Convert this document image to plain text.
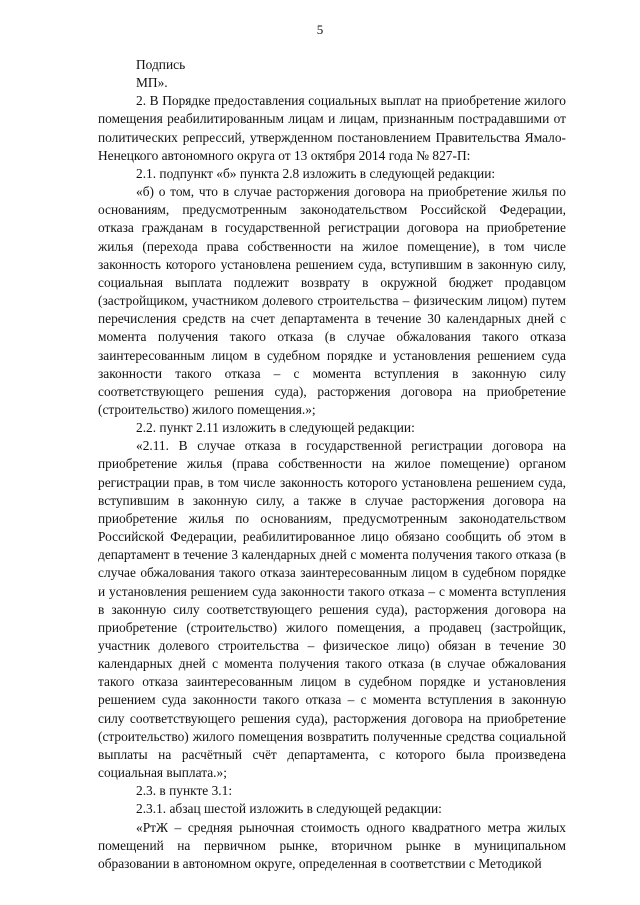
5

Подпись

МП».

2. В Порядке предоставления социальных выплат на приобретение жилого помещения реабилитированным лицам и лицам, признанным пострадавшими от политических репрессий, утвержденном постановлением Правительства Ямало-Ненецкого автономного округа от 13 октября 2014 года № 827-П:

2.1. подпункт «б» пункта 2.8 изложить в следующей редакции:

«б) о том, что в случае расторжения договора на приобретение жилья по основаниям, предусмотренным законодательством Российской Федерации, отказа гражданам в государственной регистрации договора на приобретение жилья (перехода права собственности на жилое помещение), в том числе законность которого установлена решением суда, вступившим в законную силу, социальная выплата подлежит возврату в окружной бюджет продавцом (застройщиком, участником долевого строительства – физическим лицом) путем перечисления средств на счет департамента в течение 30 календарных дней с момента получения такого отказа (в случае обжалования такого отказа заинтересованным лицом в судебном порядке и установления решением суда законности такого отказа – с момента вступления в законную силу соответствующего решения суда), расторжения договора на приобретение (строительство) жилого помещения.»;

2.2. пункт 2.11 изложить в следующей редакции:

«2.11. В случае отказа в государственной регистрации договора на приобретение жилья (права собственности на жилое помещение) органом регистрации прав, в том числе законность которого установлена решением суда, вступившим в законную силу, а также в случае расторжения договора на приобретение жилья по основаниям, предусмотренным законодательством Российской Федерации, реабилитированное лицо обязано сообщить об этом в департамент в течение 3 календарных дней с момента получения такого отказа (в случае обжалования такого отказа заинтересованным лицом в судебном порядке и установления решением суда законности такого отказа – с момента вступления в законную силу соответствующего решения суда), расторжения договора на приобретение (строительство) жилого помещения, а продавец (застройщик, участник долевого строительства – физическое лицо) обязан в течение 30 календарных дней с момента получения такого отказа (в случае обжалования такого отказа заинтересованным лицом в судебном порядке и установления решением суда законности такого отказа – с момента вступления в законную силу соответствующего решения суда), расторжения договора на приобретение (строительство) жилого помещения возвратить полученные средства социальной выплаты на расчётный счёт департамента, с которого была произведена социальная выплата.»;

2.3. в пункте 3.1:

2.3.1. абзац шестой изложить в следующей редакции:

«РтЖ – средняя рыночная стоимость одного квадратного метра жилых помещений на первичном рынке, вторичном рынке в муниципальном образовании в автономном округе, определенная в соответствии с Методикой
